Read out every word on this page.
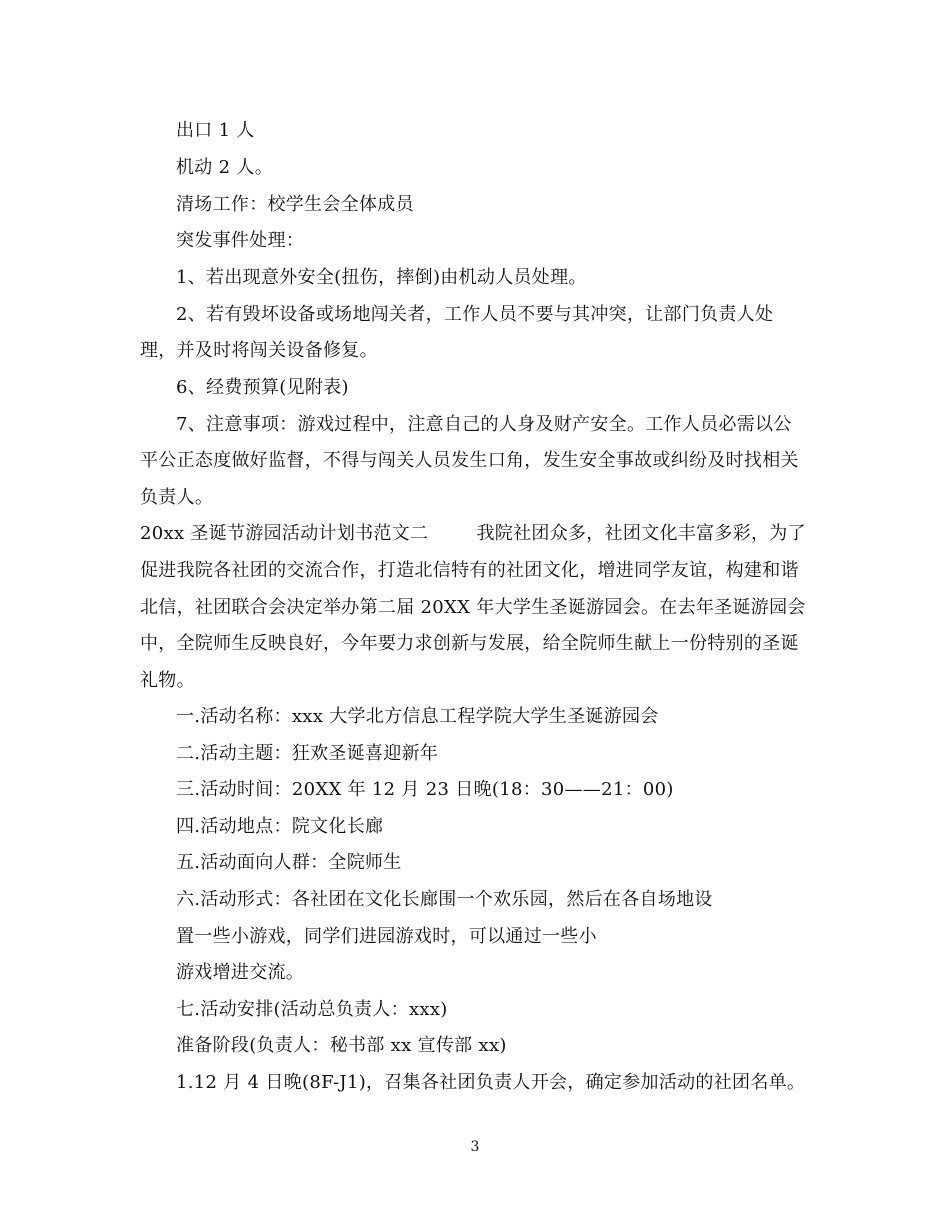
出口 1 人
机动 2 人。
清场工作：校学生会全体成员
突发事件处理：
1、若出现意外安全(扭伤，摔倒)由机动人员处理。
2、若有毁坏设备或场地闯关者，工作人员不要与其冲突，让部门负责人处
理，并及时将闯关设备修复。
6、经费预算(见附表)
7、注意事项：游戏过程中，注意自己的人身及财产安全。工作人员必需以公
平公正态度做好监督，不得与闯关人员发生口角，发生安全事故或纠纷及时找相关
负责人。
20xx 圣诞节游园活动计划书范文二        我院社团众多，社团文化丰富多彩，为了
促进我院各社团的交流合作，打造北信特有的社团文化，增进同学友谊，构建和谐
北信，社团联合会决定举办第二届 20XX 年大学生圣诞游园会。在去年圣诞游园会
中，全院师生反映良好，今年要力求创新与发展，给全院师生献上一份特别的圣诞
礼物。
一.活动名称：xxx 大学北方信息工程学院大学生圣诞游园会
二.活动主题：狂欢圣诞喜迎新年
三.活动时间：20XX 年 12 月 23 日晚(18：30——21：00)
四.活动地点：院文化长廊
五.活动面向人群：全院师生
六.活动形式：各社团在文化长廊围一个欢乐园，然后在各自场地设
置一些小游戏，同学们进园游戏时，可以通过一些小
游戏增进交流。
七.活动安排(活动总负责人：xxx)
准备阶段(负责人：秘书部 xx 宣传部 xx)
1.12 月 4 日晚(8F-J1)，召集各社团负责人开会，确定参加活动的社团名单。
3
